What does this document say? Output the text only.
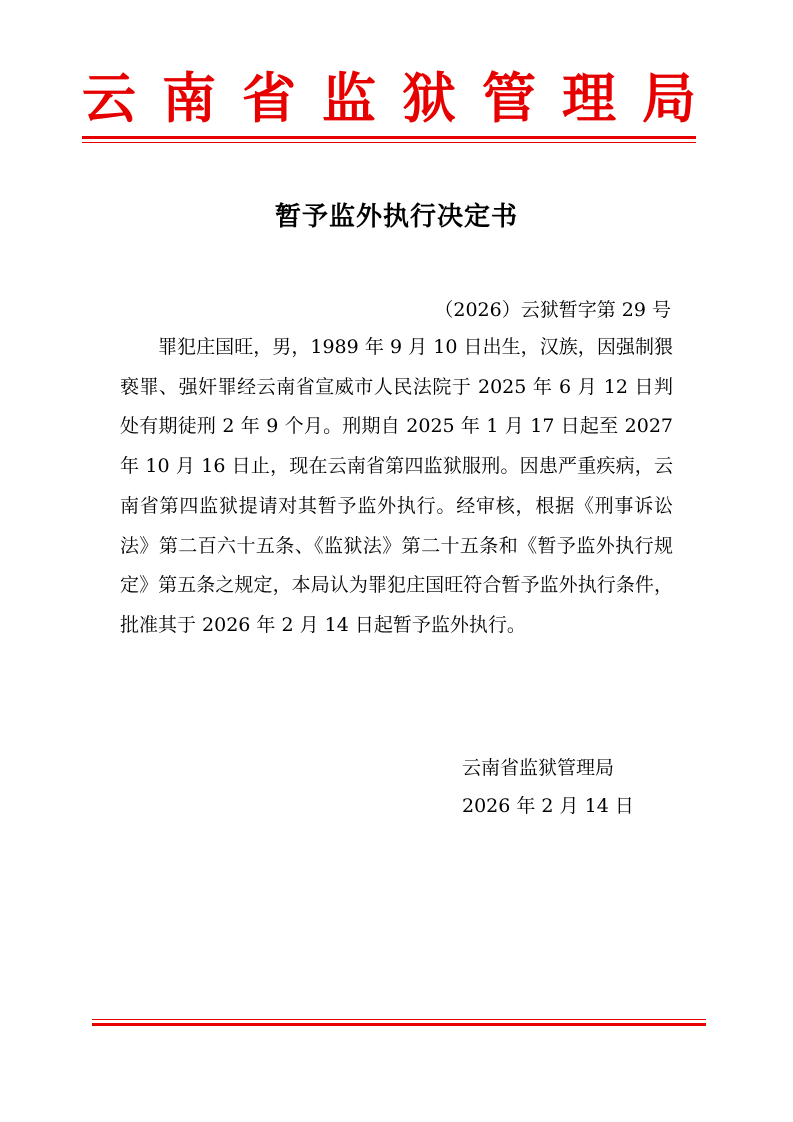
云 南 省 监 狱 管 理 局
暂予监外执行决定书
（2026）云狱暂字第 29 号

罪犯庄国旺，男，1989 年 9 月 10 日出生，汉族，因强制猥亵罪、强奸罪经云南省宣威市人民法院于 2025 年 6 月 12 日判处有期徒刑 2 年 9 个月。刑期自 2025 年 1 月 17 日起至 2027 年 10 月 16 日止，现在云南省第四监狱服刑。因患严重疾病，云南省第四监狱提请对其暂予监外执行。经审核，根据《刑事诉讼法》第二百六十五条、《监狱法》第二十五条和《暂予监外执行规定》第五条之规定，本局认为罪犯庄国旺符合暂予监外执行条件，批准其于 2026 年 2 月 14 日起暂予监外执行。

云南省监狱管理局
2026 年 2 月 14 日
